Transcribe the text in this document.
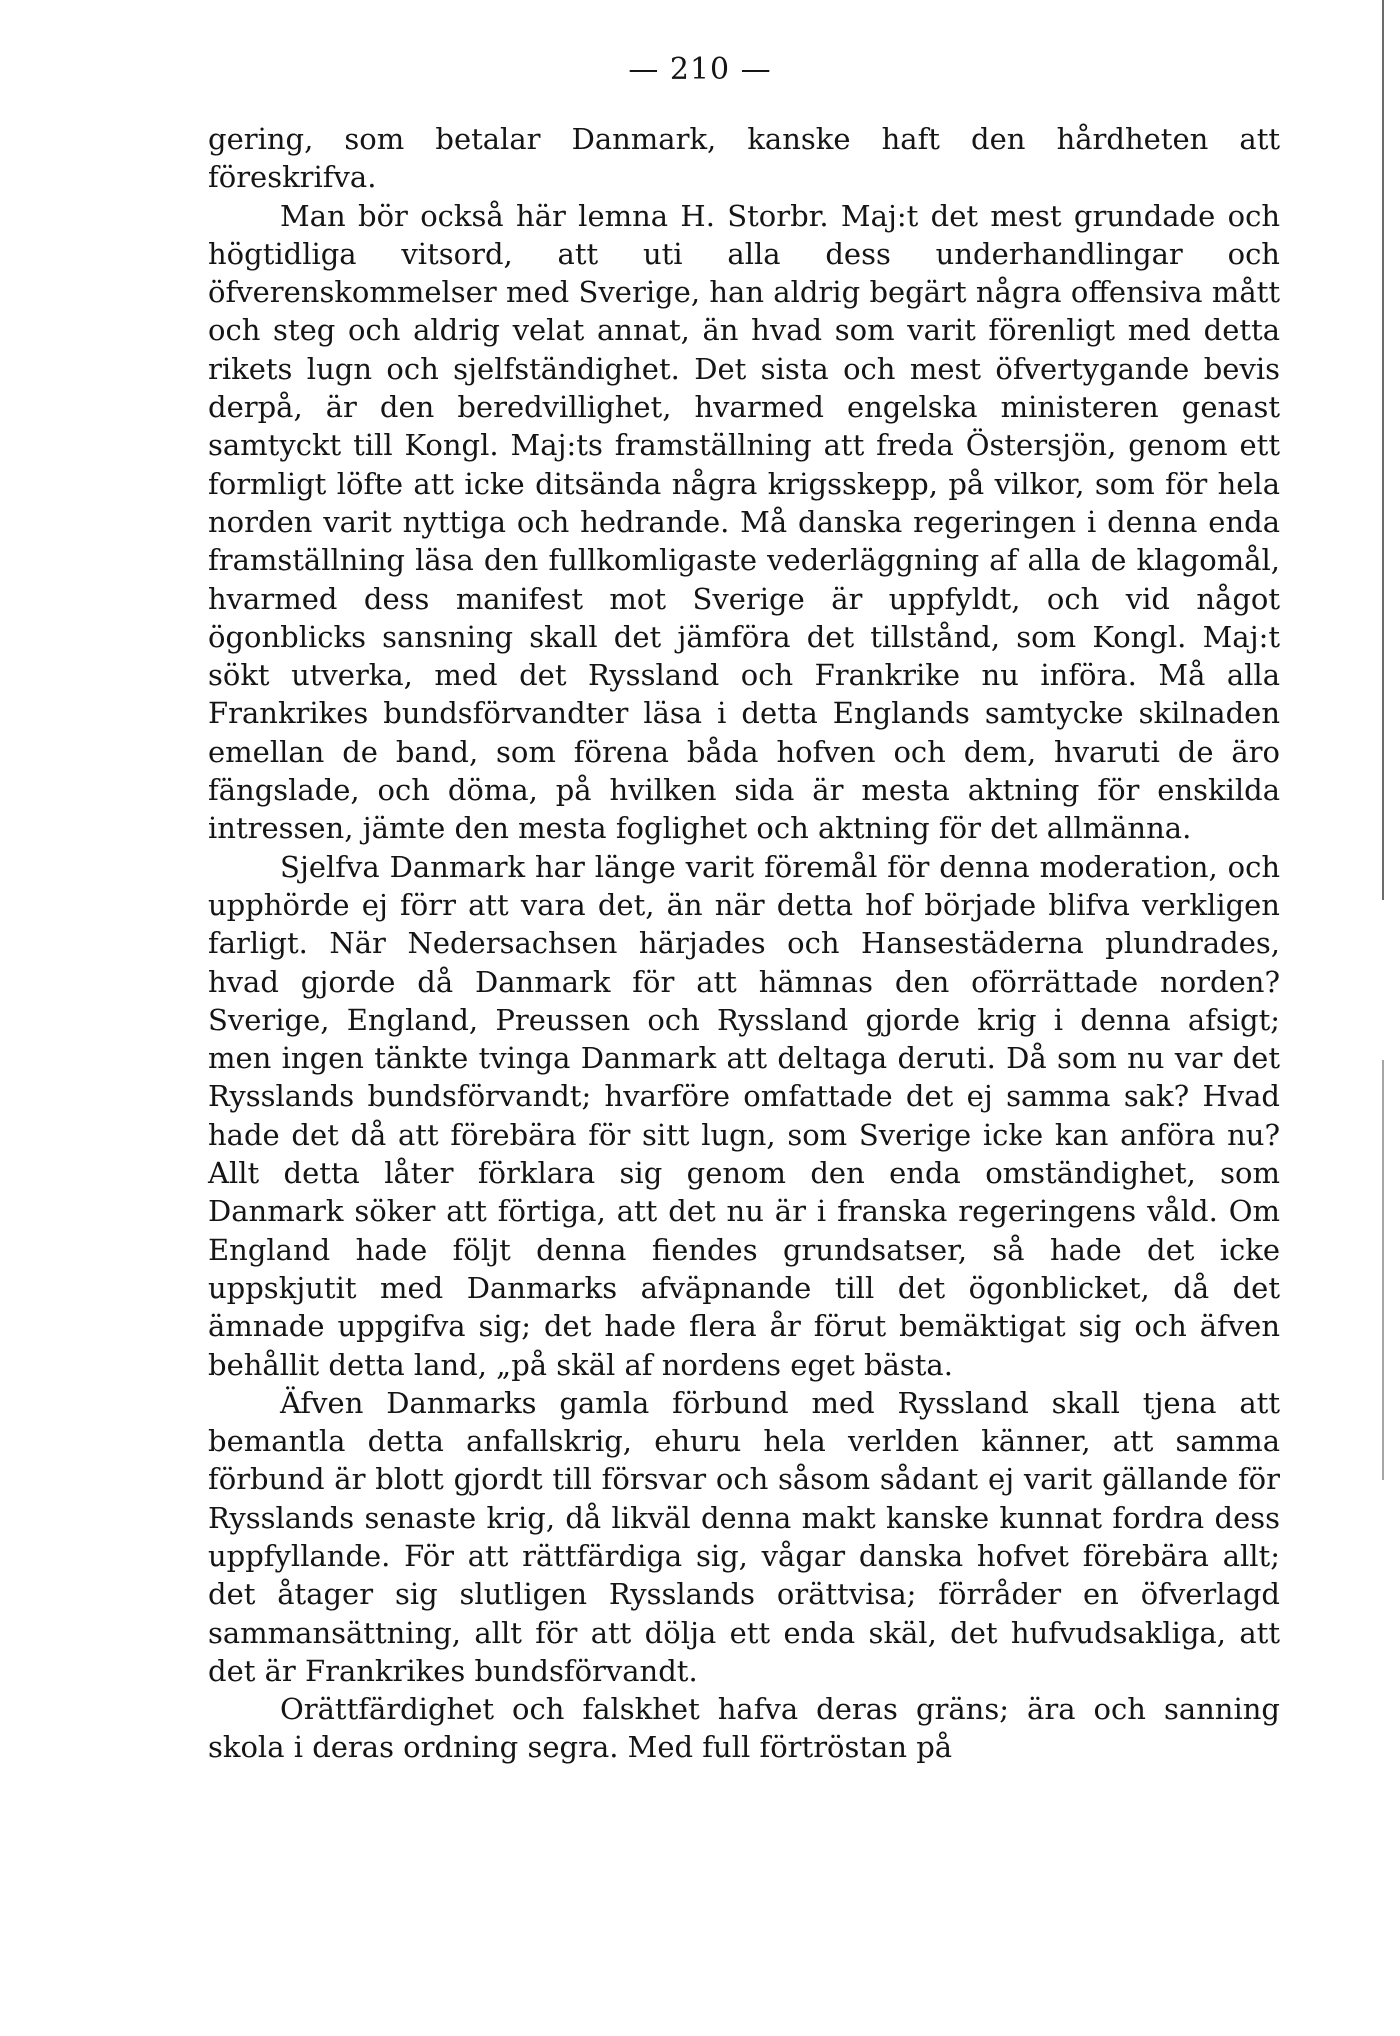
— 210 —

gering, som betalar Danmark, kanske haft den hårdheten att föreskrifva.

Man bör också här lemna H. Storbr. Maj:t det mest grundade och högtidliga vitsord, att uti alla dess underhandlingar och öfverenskommelser med Sverige, han aldrig begärt några offensiva mått och steg och aldrig velat annat, än hvad som varit förenligt med detta rikets lugn och sjelfständighet. Det sista och mest öfvertygande bevis derpå, är den beredvillighet, hvarmed engelska ministeren genast samtyckt till Kongl. Maj:ts framställning att freda Östersjön, genom ett formligt löfte att icke ditsända några krigsskepp, på vilkor, som för hela norden varit nyttiga och hedrande. Må danska regeringen i denna enda framställning läsa den fullkomligaste vederläggning af alla de klagomål, hvarmed dess manifest mot Sverige är uppfyldt, och vid något ögonblicks sansning skall det jämföra det tillstånd, som Kongl. Maj:t sökt utverka, med det Ryssland och Frankrike nu införa. Må alla Frankrikes bundsförvandter läsa i detta Englands samtycke skilnaden emellan de band, som förena båda hofven och dem, hvaruti de äro fängslade, och döma, på hvilken sida är mesta aktning för enskilda intressen, jämte den mesta foglighet och aktning för det allmänna.

Sjelfva Danmark har länge varit föremål för denna moderation, och upphörde ej förr att vara det, än när detta hof började blifva verkligen farligt. När Nedersachsen härjades och Hansestäderna plundrades, hvad gjorde då Danmark för att hämnas den oförrättade norden? Sverige, England, Preussen och Ryssland gjorde krig i denna afsigt; men ingen tänkte tvinga Danmark att deltaga deruti. Då som nu var det Rysslands bundsförvandt; hvarföre omfattade det ej samma sak? Hvad hade det då att förebära för sitt lugn, som Sverige icke kan anföra nu? Allt detta låter förklara sig genom den enda omständighet, som Danmark söker att förtiga, att det nu är i franska regeringens våld. Om England hade följt denna fiendes grundsatser, så hade det icke uppskjutit med Danmarks afväpnande till det ögonblicket, då det ämnade uppgifva sig; det hade flera år förut bemäktigat sig och äfven behållit detta land, „på skäl af nordens eget bästa.

Äfven Danmarks gamla förbund med Ryssland skall tjena att bemantla detta anfallskrig, ehuru hela verlden känner, att samma förbund är blott gjordt till försvar och såsom sådant ej varit gällande för Rysslands senaste krig, då likväl denna makt kanske kunnat fordra dess uppfyllande. För att rättfärdiga sig, vågar danska hofvet förebära allt; det åtager sig slutligen Rysslands orättvisa; förråder en öfverlagd sammansättning, allt för att dölja ett enda skäl, det hufvudsakliga, att det är Frankrikes bundsförvandt.

Orättfärdighet och falskhet hafva deras gräns; ära och sanning skola i deras ordning segra. Med full förtröstan på
